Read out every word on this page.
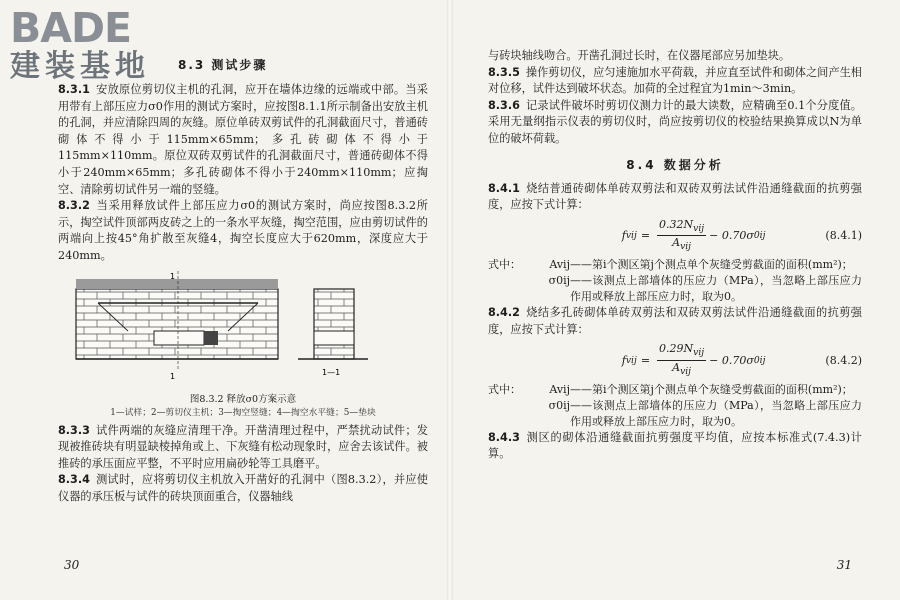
BADE
建装基地	8.3 测试步骤

8.3.1 安放原位剪切仪主机的孔洞，应开在墙体边缘的远端或中部。当采用带有上部压应力σ0作用的测试方案时，应按图8.1.1所示制备出安放主机的孔洞，并应清除四周的灰缝。原位单砖双剪试件的孔洞截面尺寸，普通砖砌体不得小于115mm×65mm；多孔砖砌体不得小于115mm×110mm。原位双砖双剪试件的孔洞截面尺寸，普通砖砌体不得小于240mm×65mm；多孔砖砌体不得小于240mm×110mm；应掏空、清除剪切试件另一端的竖缝。

8.3.2 当采用释放试件上部压应力σ0的测试方案时，尚应按图8.3.2所示，掏空试件顶部两皮砖之上的一条水平灰缝，掏空范围，应由剪切试件的两端向上按45°角扩散至灰缝4，掏空长度应大于620mm，深度应大于240mm。

1
1	1—1
图8.3.2 释放σ0方案示意
1—试样；2—剪切仪主机；3—掏空竖缝；4—掏空水平缝；5—垫块

8.3.3 试件两端的灰缝应清理干净。开凿清理过程中，严禁扰动试件；发现被推砖块有明显缺棱掉角或上、下灰缝有松动现象时，应舍去该试件。被推砖的承压面应平整，不平时应用扁砂轮等工具磨平。

8.3.4 测试时，应将剪切仪主机放入开凿好的孔洞中（图8.3.2），并应使仪器的承压板与试件的砖块顶面重合，仪器轴线

30

与砖块轴线吻合。开凿孔洞过长时，在仪器尾部应另加垫块。

8.3.5 操作剪切仪，应匀速施加水平荷载，并应直至试件和砌体之间产生相对位移，试件达到破坏状态。加荷的全过程宜为1min～3min。

8.3.6 记录试件破坏时剪切仪测力计的最大读数，应精确至0.1个分度值。采用无量纲指示仪表的剪切仪时，尚应按剪切仪的校验结果换算成以N为单位的破坏荷载。

8.4 数据分析

8.4.1 烧结普通砖砌体单砖双剪法和双砖双剪法试件沿通缝截面的抗剪强度，应按下式计算：

f vij = $\frac{0.32N_{vij}}{A_{vij}} - 0.70\sigma$ 0ij	(8.4.1)
式中：	Avij ——第i个测区第j个测点单个灰缝受剪截面的面积(mm²)；
σ0ij ——该测点上部墙体的压应力（MPa），当忽略上部压应力作用或释放上部压应力时，取为0。

8.4.2 烧结多孔砖砌体单砖双剪法和双砖双剪法试件沿通缝截面的抗剪强度，应按下式计算：

f vij = $\frac{0.29N_{vij}}{A_{vij}} - 0.70\sigma$ 0ij	(8.4.2)
式中：	Avij ——第i个测区第j个测点单个灰缝受剪截面的面积(mm²)；
σ0ij ——该测点上部墙体的压应力（MPa），当忽略上部压应力作用或释放上部压应力时，取为0。

8.4.3 测区的砌体沿通缝截面抗剪强度平均值，应按本标准式(7.4.3)计算。

31
